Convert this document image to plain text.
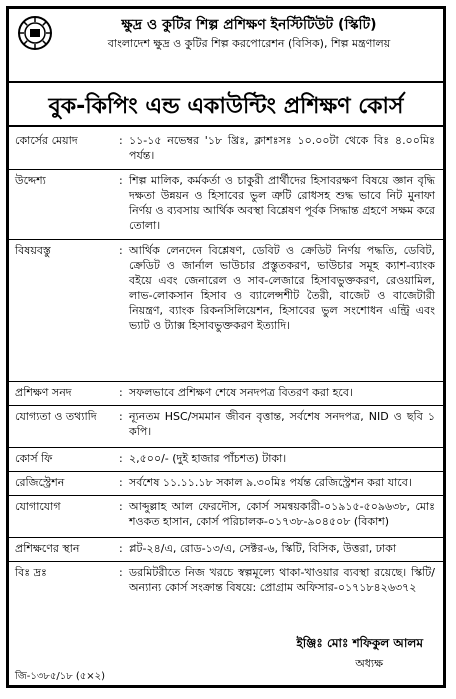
ক্ষুদ্র ও কুটির শিল্প প্রশিক্ষণ ইনস্টিটিউট (স্কিটি)
বাংলাদেশ ক্ষুদ্র ও কুটির শিল্প করপোরেশন (বিসিক), শিল্প মন্ত্রণালয়
বুক-কিপিং এন্ড একাউন্টিং প্রশিক্ষণ কোর্স
কোর্সের মেয়াদ	: ১১-১৫ নভেম্বর '১৮ খ্রিঃ, ক্লাশঃসঃ ১০.০০টা থেকে বিঃ ৪.০০মিঃ পর্যন্ত।
উদ্দেশ্য	: শিল্প মালিক, কর্মকর্তা ও চাকুরী প্রার্থীদের হিসাবরক্ষণ বিষয়ে জ্ঞান বৃদ্ধি দক্ষতা উন্নয়ন ও হিসাবের ভুল ত্রুটি রোধসহ শুদ্ধ ভাবে নিট মুনাফা নির্ণয় ও ব্যবসায় আর্থিক অবস্থা বিশ্লেষণ পূর্বক সিদ্ধান্ত গ্রহণে সক্ষম করে তোলা।
বিষয়বস্তু	: আর্থিক লেনদেন বিশ্লেষণ, ডেবিট ও ক্রেডিট নির্ণয় পদ্ধতি, ডেবিট, ক্রেডিট ও জার্নাল ভাউচার প্রস্তুতকরণ, ভাউচার সমূহ ক্যাশ-ব্যাংক বইয়ে এবং জেনারেল ও সাব-লেজারে হিসাবভুক্তকরণ, রেওয়ামিল, লাভ-লোকসান হিসাব ও ব্যালেন্সশীট তৈরী, বাজেট ও বাজেটারী নিয়ন্ত্রণ, ব্যাংক রিকনসিলিয়েশন, হিসাবের ভুল সংশোধন এন্ট্রি এবং ভ্যাট ও ট্যাক্স হিসাবভুক্তকরণ ইত্যাদি।
প্রশিক্ষণ সনদ	: সফলভাবে প্রশিক্ষণ শেষে সনদপত্র বিতরণ করা হবে।
যোগ্যতা ও তথ্যাদি	: ন্যূনতম HSC/সমমান জীবন বৃত্তান্ত, সর্বশেষ সনদপত্র, NID ও ছবি ১ কপি।
কোর্স ফি	: ২,৫০০/- (দুই হাজার পাঁচশত) টাকা।
রেজিস্ট্রেশন	: সর্বশেষ ১১.১১.১৮ সকাল ৯.৩০মিঃ পর্যন্ত রেজিস্ট্রেশন করা যাবে।
যোগাযোগ	: আব্দুল্লাহ আল ফেরদৌস, কোর্স সমন্বয়কারী-০১৯১৫-৫০৯৬৩৮, মোঃ শওকত হাসান, কোর্স পরিচালক-০১৭৩৮-৯০৪৫০৮ (বিকাশ)
প্রশিক্ষণের স্থান	: প্লট-২৪/এ, রোড-১৩/এ, সেক্টর-৬, স্কিটি, বিসিক, উত্তরা, ঢাকা
বিঃ দ্রঃ	: ডরমিটরীতে নিজ খরচে স্বল্পমূল্যে থাকা-খাওয়ার ব্যবস্থা রয়েছে। স্কিটি/অন্যান্য কোর্স সংক্রান্ত বিষয়ে: প্রোগ্রাম অফিসার-০১৭১৮৪২৬৩৭২
ইঞ্জিঃ মোঃ শফিকুল আলম
অধ্যক্ষ
জি-১৩৮৫/১৮ (৫×২)
